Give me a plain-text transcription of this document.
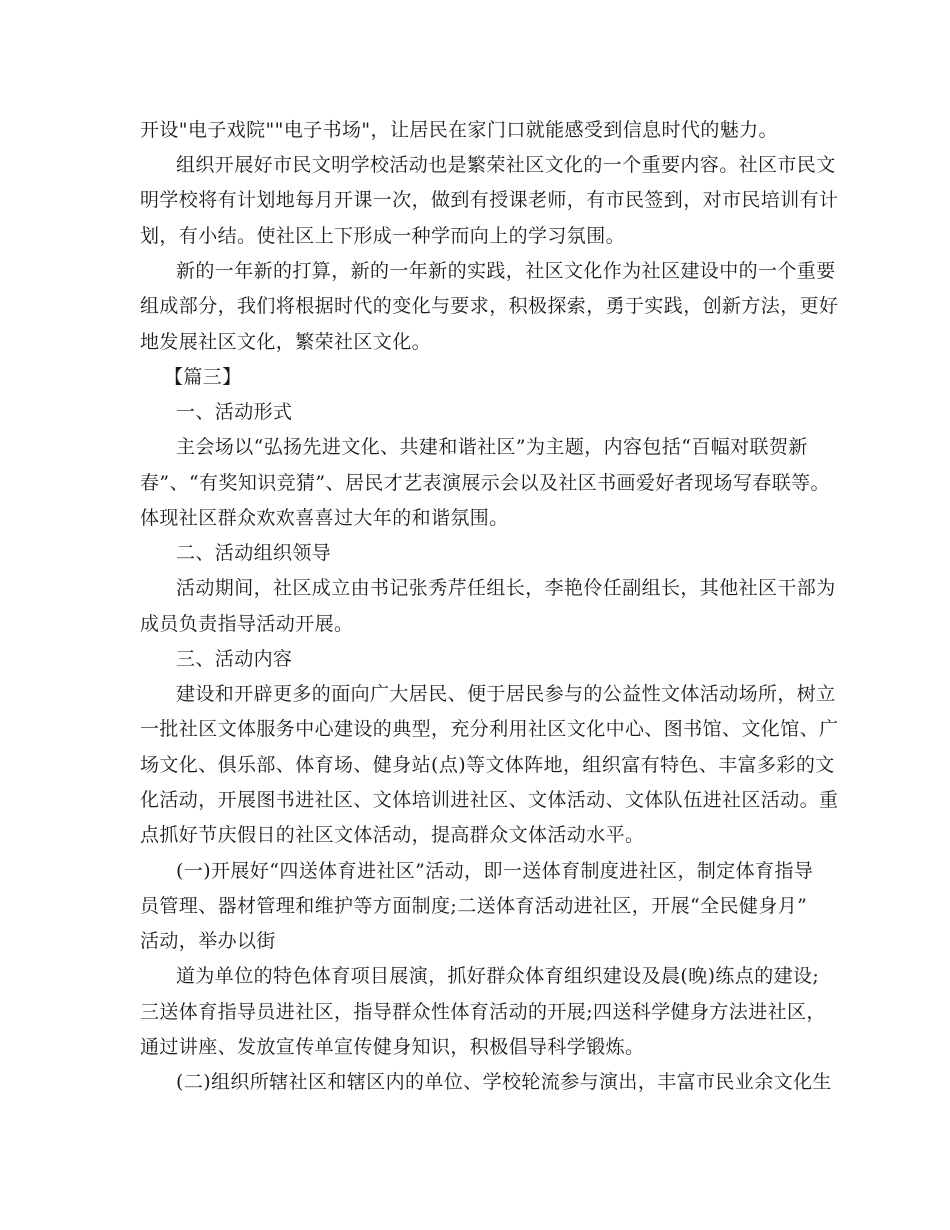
开设"电子戏院""电子书场"，让居民在家门口就能感受到信息时代的魅力。
组织开展好市民文明学校活动也是繁荣社区文化的一个重要内容。社区市民文
明学校将有计划地每月开课一次，做到有授课老师，有市民签到，对市民培训有计
划，有小结。使社区上下形成一种学而向上的学习氛围。
新的一年新的打算，新的一年新的实践，社区文化作为社区建设中的一个重要
组成部分，我们将根据时代的变化与要求，积极探索，勇于实践，创新方法，更好
地发展社区文化，繁荣社区文化。
【篇三】
一、活动形式
主会场以“弘扬先进文化、共建和谐社区”为主题，内容包括“百幅对联贺新
春”、“有奖知识竞猜”、居民才艺表演展示会以及社区书画爱好者现场写春联等。
体现社区群众欢欢喜喜过大年的和谐氛围。
二、活动组织领导
活动期间，社区成立由书记张秀芹任组长，李艳伶任副组长，其他社区干部为
成员负责指导活动开展。
三、活动内容
建设和开辟更多的面向广大居民、便于居民参与的公益性文体活动场所，树立
一批社区文体服务中心建设的典型，充分利用社区文化中心、图书馆、文化馆、广
场文化、俱乐部、体育场、健身站(点)等文体阵地，组织富有特色、丰富多彩的文
化活动，开展图书进社区、文体培训进社区、文体活动、文体队伍进社区活动。重
点抓好节庆假日的社区文体活动，提高群众文体活动水平。
(一)开展好“四送体育进社区”活动，即一送体育制度进社区，制定体育指导
员管理、器材管理和维护等方面制度;二送体育活动进社区，开展“全民健身月”
活动，举办以街
道为单位的特色体育项目展演，抓好群众体育组织建设及晨(晚)练点的建设;
三送体育指导员进社区，指导群众性体育活动的开展;四送科学健身方法进社区，
通过讲座、发放宣传单宣传健身知识，积极倡导科学锻炼。
(二)组织所辖社区和辖区内的单位、学校轮流参与演出，丰富市民业余文化生
